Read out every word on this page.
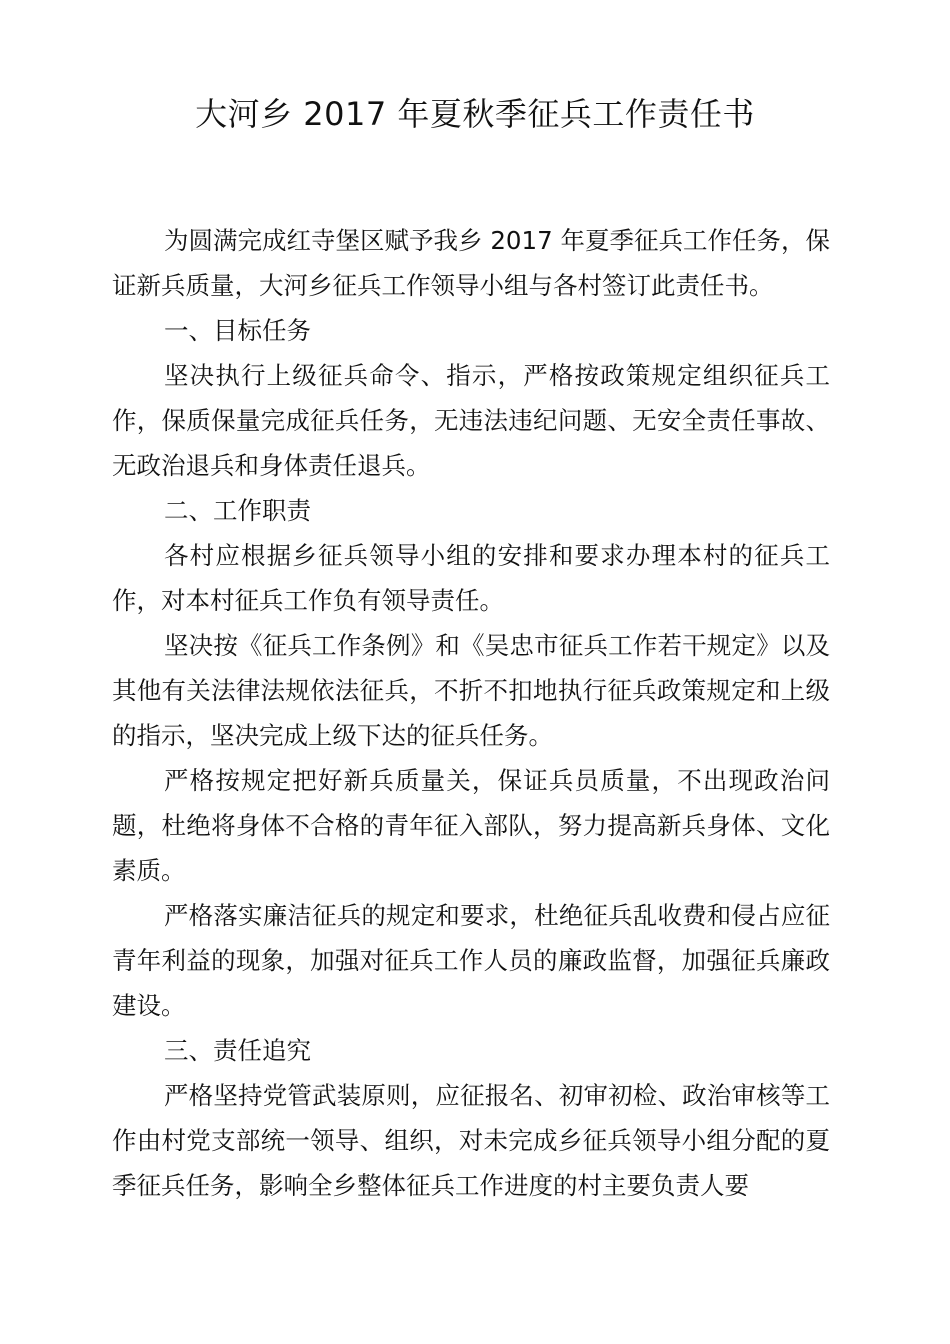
大河乡 2017 年夏秋季征兵工作责任书

为圆满完成红寺堡区赋予我乡 2017 年夏季征兵工作任务，保证新兵质量，大河乡征兵工作领导小组与各村签订此责任书。

一、目标任务

坚决执行上级征兵命令、指示，严格按政策规定组织征兵工作，保质保量完成征兵任务，无违法违纪问题、无安全责任事故、无政治退兵和身体责任退兵。

二、工作职责

各村应根据乡征兵领导小组的安排和要求办理本村的征兵工作，对本村征兵工作负有领导责任。

坚决按《征兵工作条例》和《吴忠市征兵工作若干规定》以及其他有关法律法规依法征兵，不折不扣地执行征兵政策规定和上级的指示，坚决完成上级下达的征兵任务。

严格按规定把好新兵质量关，保证兵员质量，不出现政治问题，杜绝将身体不合格的青年征入部队，努力提高新兵身体、文化素质。

严格落实廉洁征兵的规定和要求，杜绝征兵乱收费和侵占应征青年利益的现象，加强对征兵工作人员的廉政监督，加强征兵廉政建设。

三、责任追究

严格坚持党管武装原则，应征报名、初审初检、政治审核等工作由村党支部统一领导、组织，对未完成乡征兵领导小组分配的夏季征兵任务，影响全乡整体征兵工作进度的村主要负责人要
